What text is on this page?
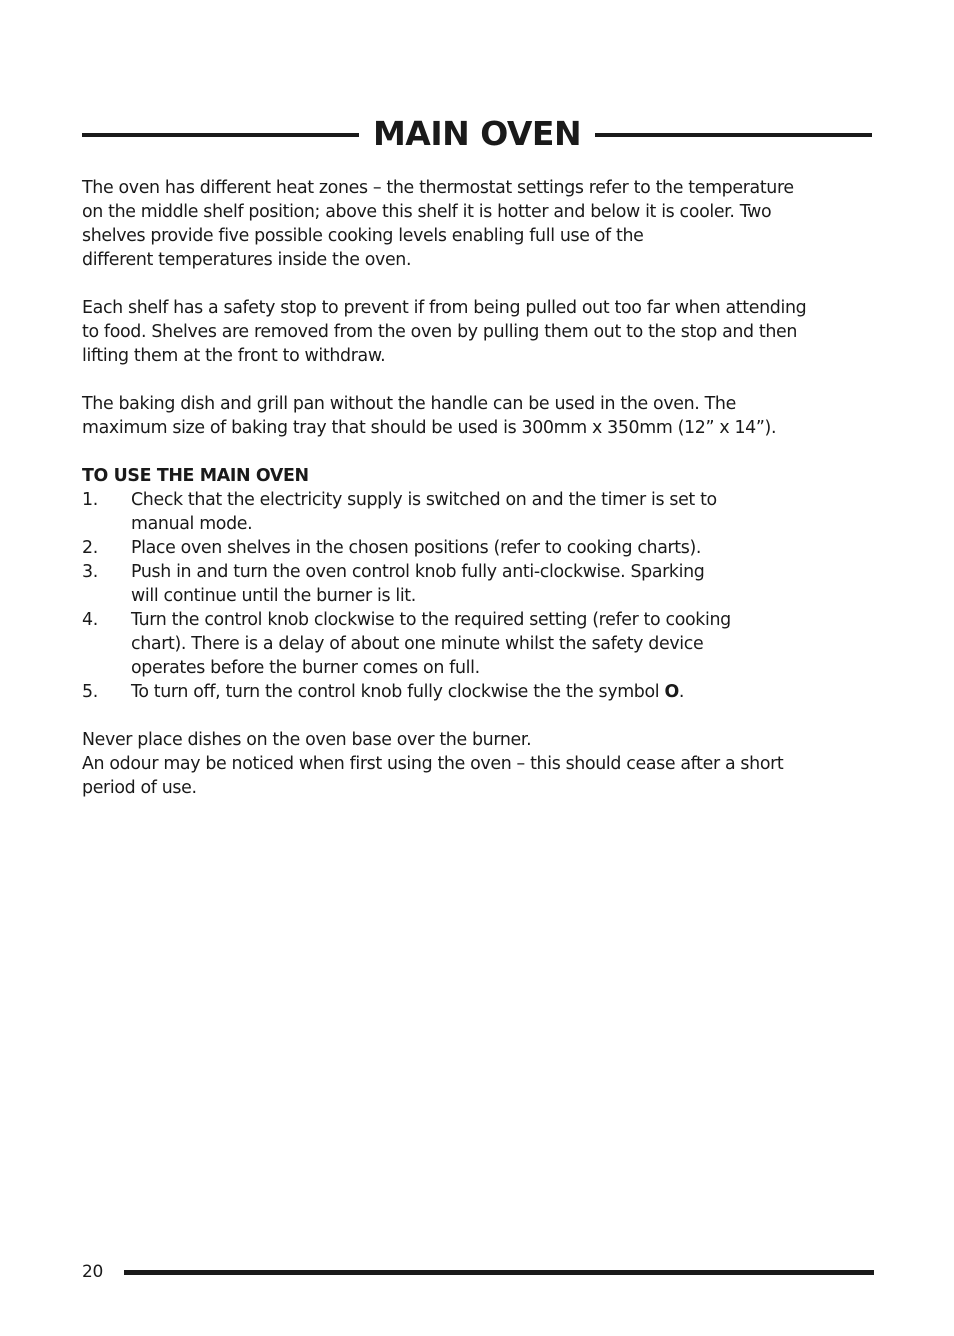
MAIN OVEN

The oven has different heat zones – the thermostat settings refer to the temperature
on the middle shelf position; above this shelf it is hotter and below it is cooler. Two
shelves provide five possible cooking levels enabling full use of the
different temperatures inside the oven.

Each shelf has a safety stop to prevent if from being pulled out too far when attending
to food. Shelves are removed from the oven by pulling them out to the stop and then
lifting them at the front to withdraw.

The baking dish and grill pan without the handle can be used in the oven. The
maximum size of baking tray that should be used is 300mm x 350mm (12” x 14”).

TO USE THE MAIN OVEN
1.	Check that the electricity supply is switched on and the timer is set to
manual mode.
2.	Place oven shelves in the chosen positions (refer to cooking charts).
3.	Push in and turn the oven control knob fully anti-clockwise. Sparking
will continue until the burner is lit.
4.	Turn the control knob clockwise to the required setting (refer to cooking
chart). There is a delay of about one minute whilst the safety device
operates before the burner comes on full.
5.	To turn off, turn the control knob fully clockwise the the symbol O.
Never place dishes on the oven base over the burner.
An odour may be noticed when first using the oven – this should cease after a short
period of use.
20
